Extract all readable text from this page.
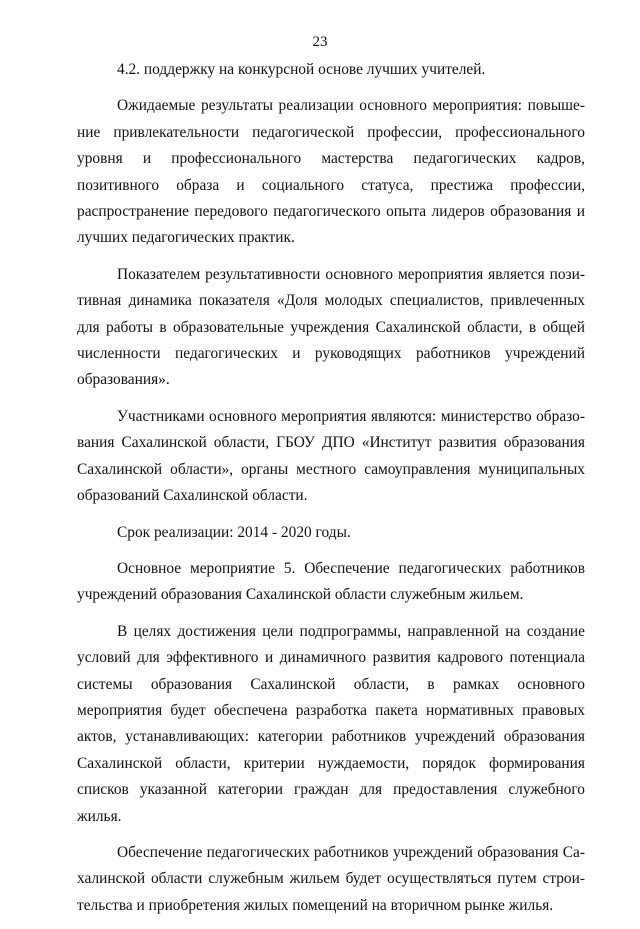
23

4.2. поддержку на конкурсной основе лучших учителей.

Ожидаемые результаты реализации основного мероприятия: повышение привлекательности педагогической профессии, профессионального уровня и профессионального мастерства педагогических кадров, позитивного образа и социального статуса, престижа профессии, распространение передового педагогического опыта лидеров образования и лучших педагогических практик.

Показателем результативности основного мероприятия является позитивная динамика показателя «Доля молодых специалистов, привлеченных для работы в образовательные учреждения Сахалинской области, в общей численности педагогических и руководящих работников учреждений образования».

Участниками основного мероприятия являются: министерство образования Сахалинской области, ГБОУ ДПО «Институт развития образования Сахалинской области», органы местного самоуправления муниципальных образований Сахалинской области.

Срок реализации: 2014 - 2020 годы.

Основное мероприятие 5. Обеспечение педагогических работников учреждений образования Сахалинской области служебным жильем.

В целях достижения цели подпрограммы, направленной на создание условий для эффективного и динамичного развития кадрового потенциала системы образования Сахалинской области, в рамках основного мероприятия будет обеспечена разработка пакета нормативных правовых актов, устанавливающих: категории работников учреждений образования Сахалинской области, критерии нуждаемости, порядок формирования списков указанной категории граждан для предоставления служебного жилья.

Обеспечение педагогических работников учреждений образования Сахалинской области служебным жильем будет осуществляться путем строительства и приобретения жилых помещений на вторичном рынке жилья.
